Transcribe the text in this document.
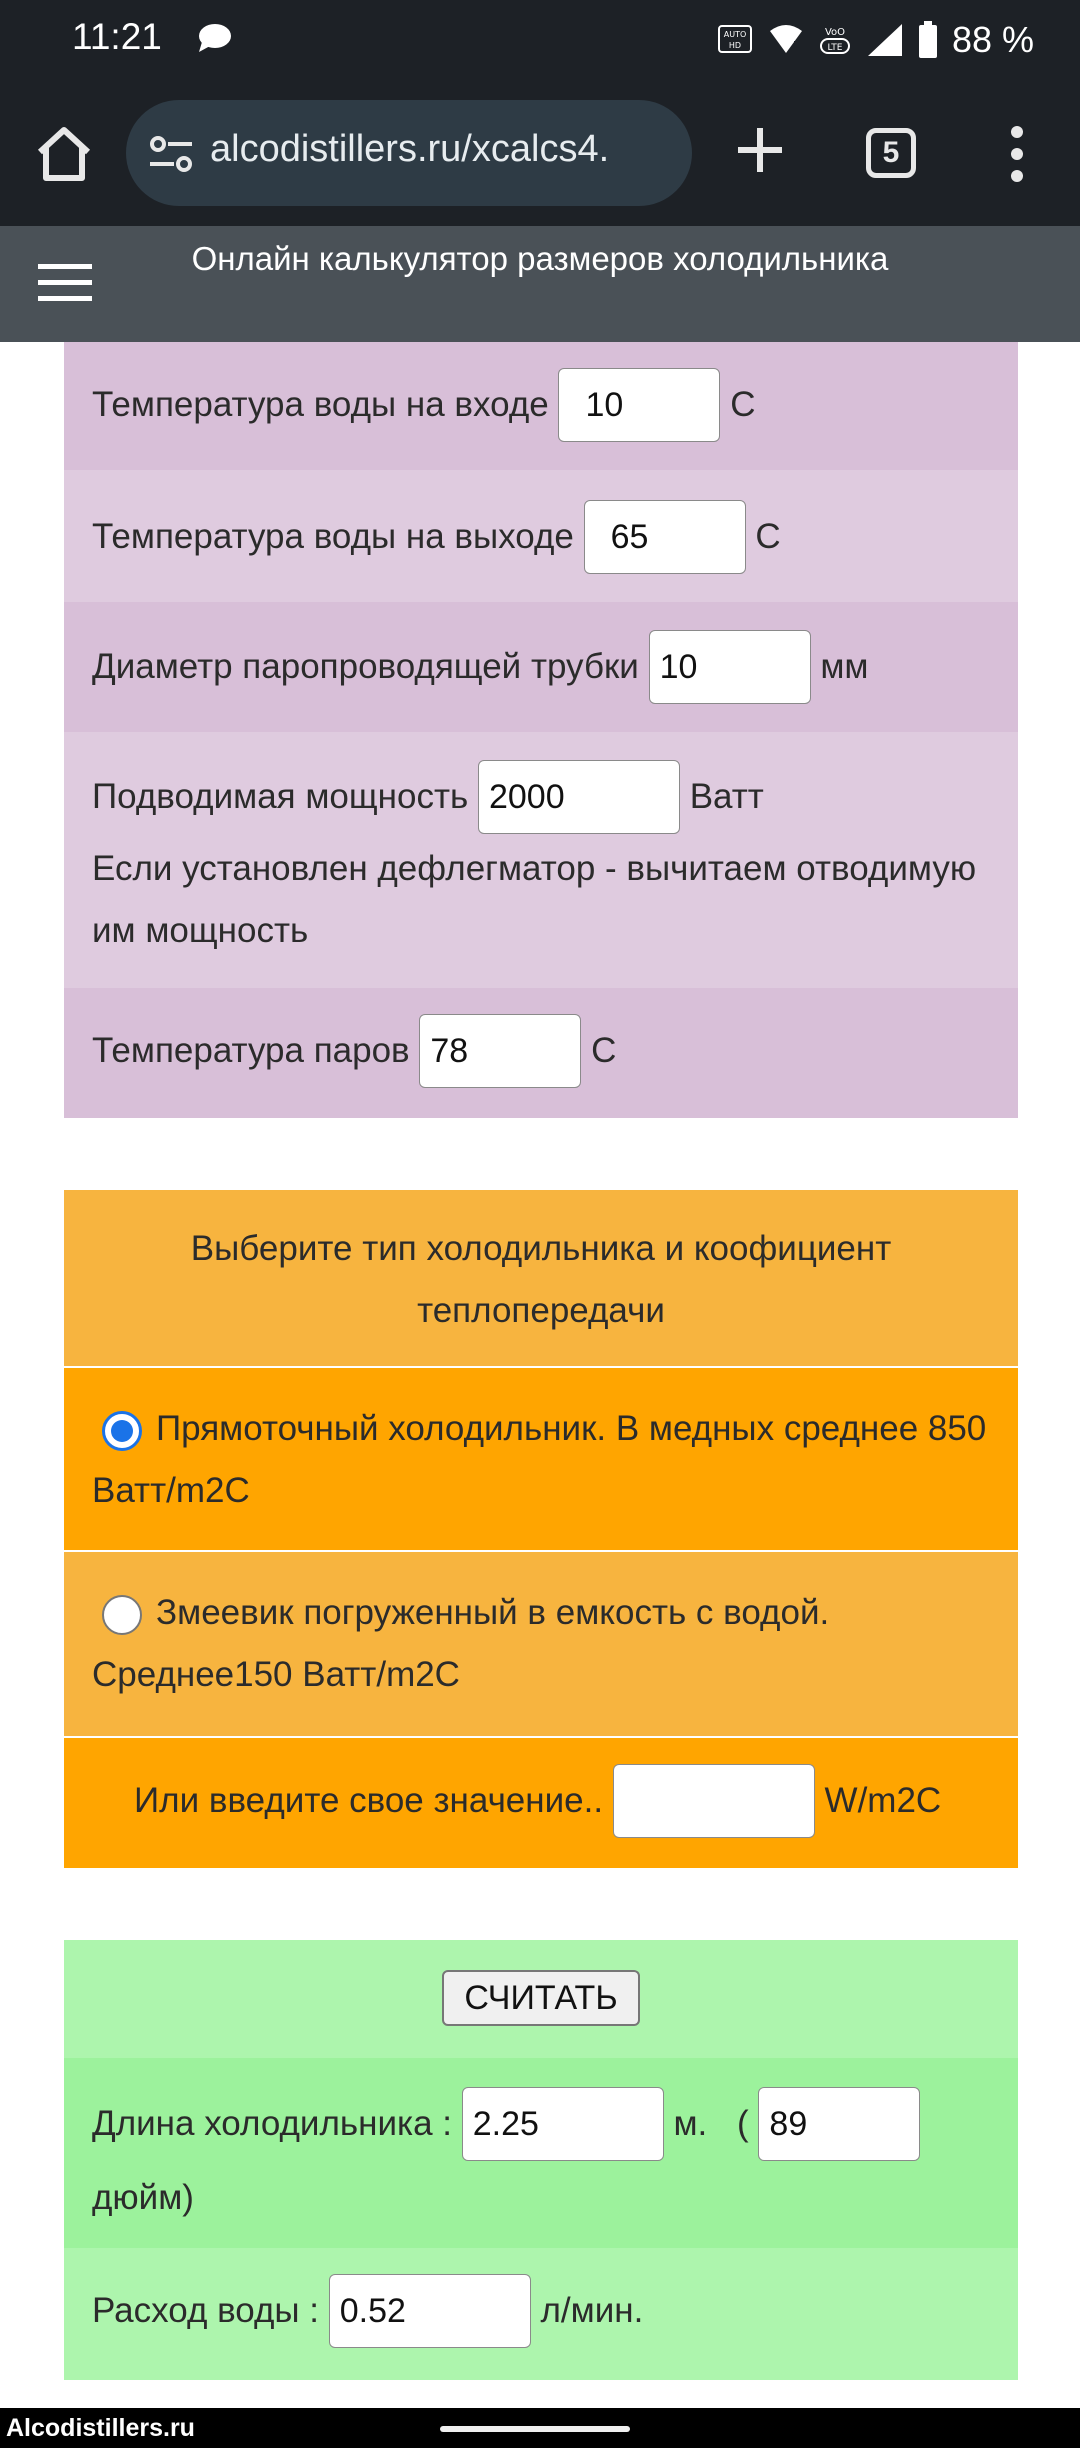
11:21	AUTO
HD
VoO
LTE	88 %
alcodistillers.ru/xcalcs4.	5
Онлайн калькулятор размеров холодильника
Температура воды на входе 10	С
Температура воды на выходе 65	С
Диаметр паропроводящей трубки 10	мм
Подводимая мощность 2000	Ватт
Если установлен дефлегматор - вычитаем отводимую им мощность
Температура паров 78	С
Выберите тип холодильника и коофициент теплопередачи
Прямоточный холодильник. В медных среднее 850 Ватт/m2С
Змеевик погруженный в емкость с водой. Среднее150 Ватт/m2C
Или введите свое значение..	W/m2C
СЧИТАТЬ
Длина холодильника : 2.25	м. ( 89
дюйм)
Расход воды : 0.52	л/мин.
Alcodistillers.ru
